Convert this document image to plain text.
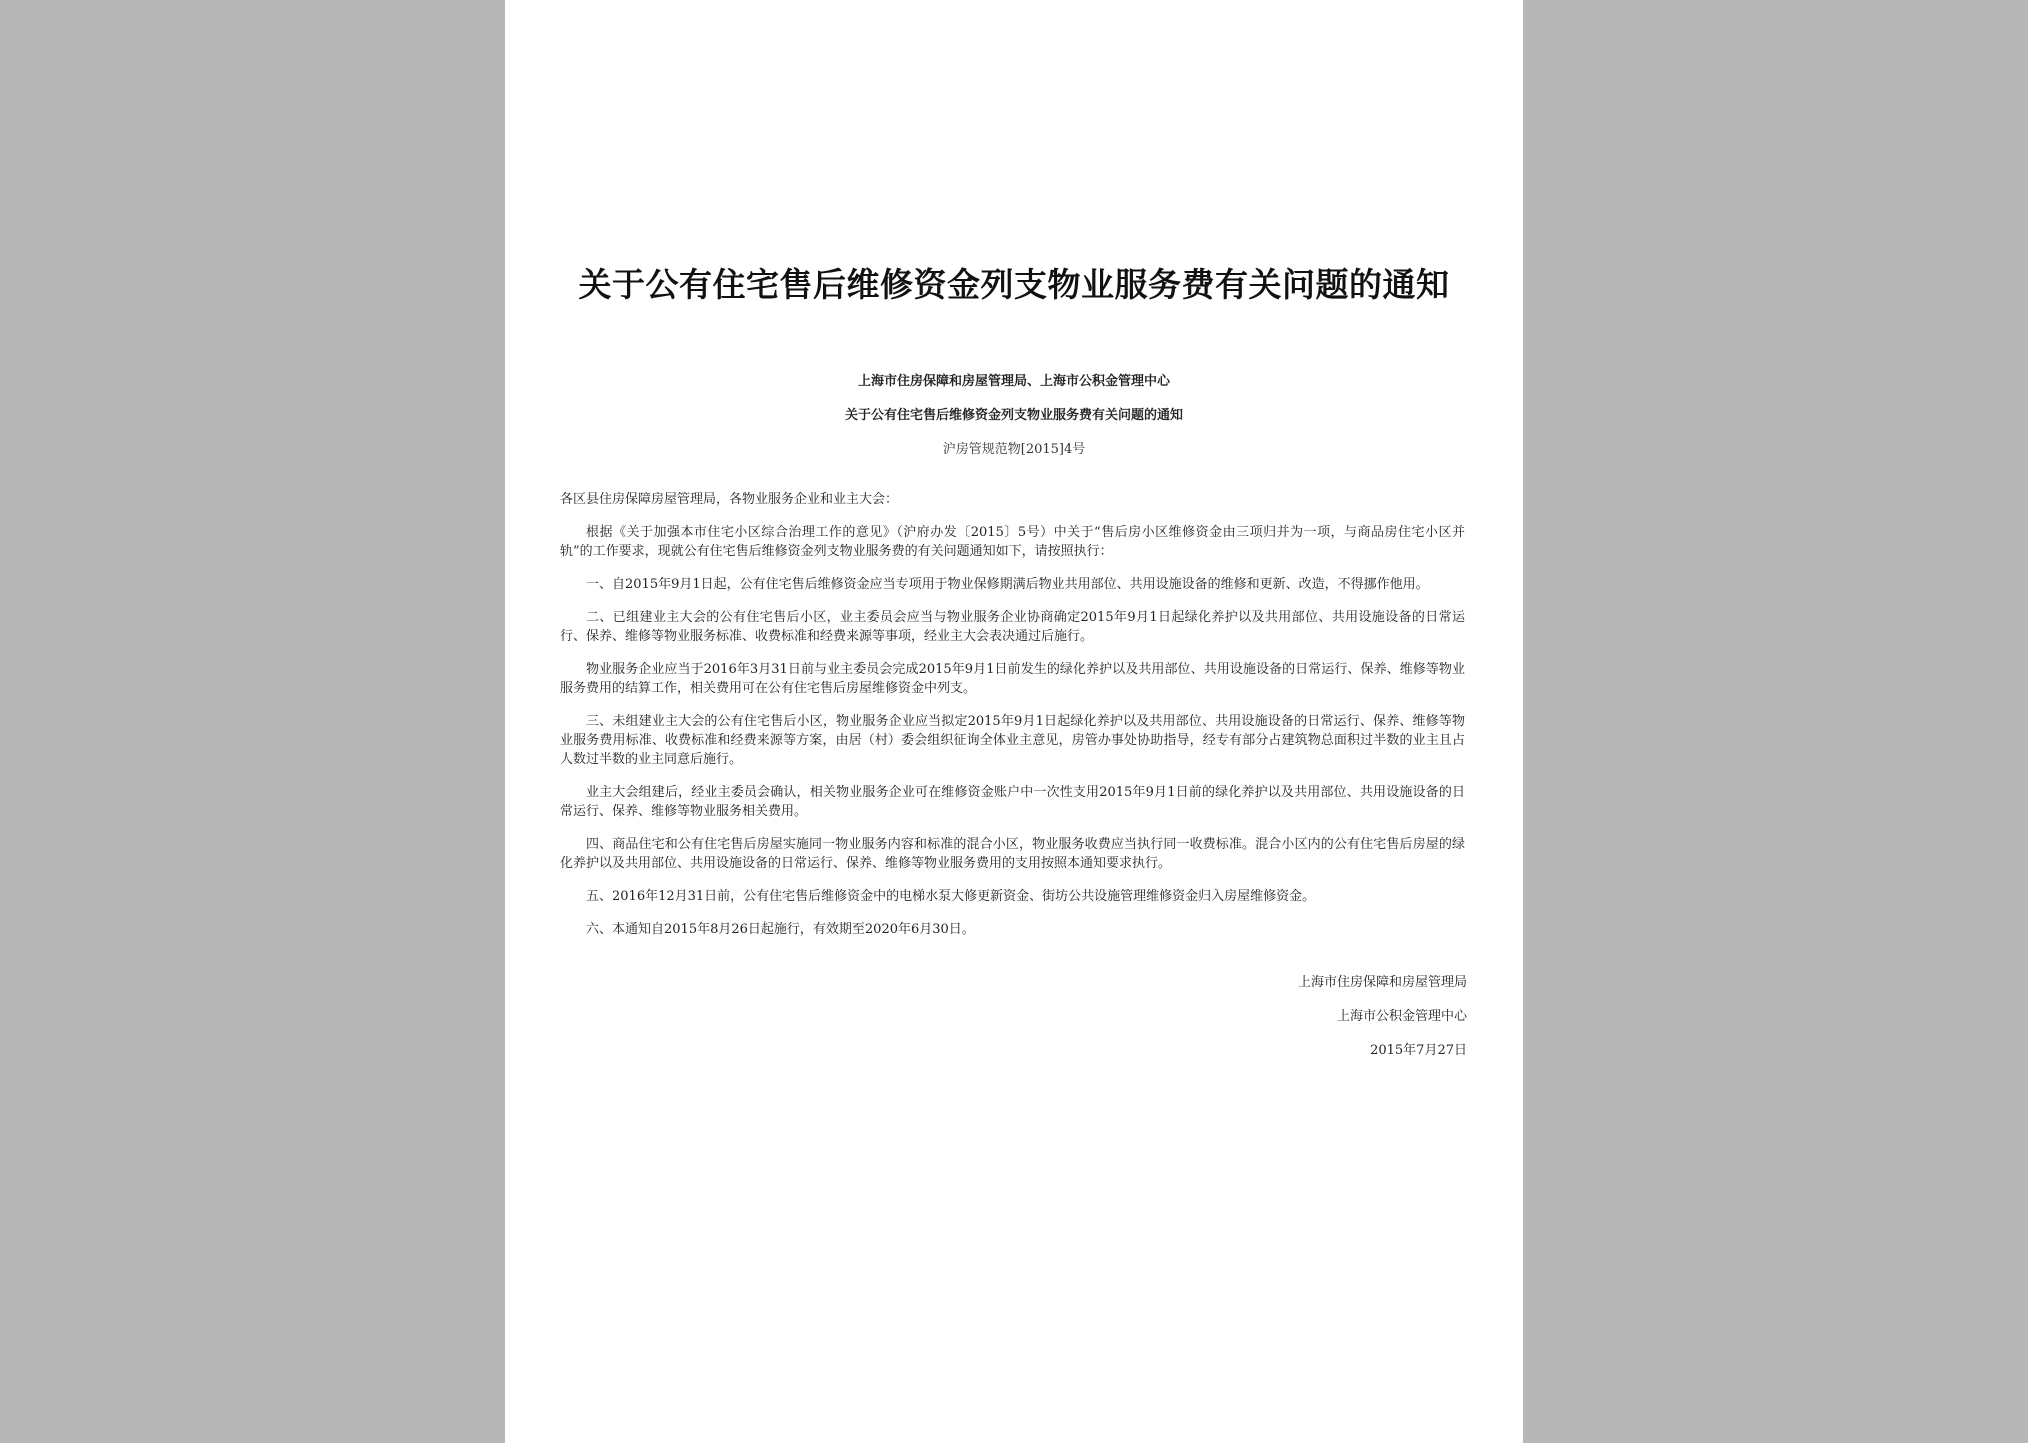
关于公有住宅售后维修资金列支物业服务费有关问题的通知
上海市住房保障和房屋管理局、上海市公积金管理中心
关于公有住宅售后维修资金列支物业服务费有关问题的通知
沪房管规范物[2015]4号

各区县住房保障房屋管理局，各物业服务企业和业主大会：

根据《关于加强本市住宅小区综合治理工作的意见》（沪府办发〔2015〕5号）中关于“售后房小区维修资金由三项归并为一项，与商品房住宅小区并轨”的工作要求，现就公有住宅售后维修资金列支物业服务费的有关问题通知如下，请按照执行：

一、自2015年9月1日起，公有住宅售后维修资金应当专项用于物业保修期满后物业共用部位、共用设施设备的维修和更新、改造，不得挪作他用。

二、已组建业主大会的公有住宅售后小区，业主委员会应当与物业服务企业协商确定2015年9月1日起绿化养护以及共用部位、共用设施设备的日常运行、保养、维修等物业服务标准、收费标准和经费来源等事项，经业主大会表决通过后施行。

物业服务企业应当于2016年3月31日前与业主委员会完成2015年9月1日前发生的绿化养护以及共用部位、共用设施设备的日常运行、保养、维修等物业服务费用的结算工作，相关费用可在公有住宅售后房屋维修资金中列支。

三、未组建业主大会的公有住宅售后小区，物业服务企业应当拟定2015年9月1日起绿化养护以及共用部位、共用设施设备的日常运行、保养、维修等物业服务费用标准、收费标准和经费来源等方案，由居（村）委会组织征询全体业主意见，房管办事处协助指导，经专有部分占建筑物总面积过半数的业主且占人数过半数的业主同意后施行。

业主大会组建后，经业主委员会确认，相关物业服务企业可在维修资金账户中一次性支用2015年9月1日前的绿化养护以及共用部位、共用设施设备的日常运行、保养、维修等物业服务相关费用。

四、商品住宅和公有住宅售后房屋实施同一物业服务内容和标准的混合小区，物业服务收费应当执行同一收费标准。混合小区内的公有住宅售后房屋的绿化养护以及共用部位、共用设施设备的日常运行、保养、维修等物业服务费用的支用按照本通知要求执行。

五、2016年12月31日前，公有住宅售后维修资金中的电梯水泵大修更新资金、街坊公共设施管理维修资金归入房屋维修资金。

六、本通知自2015年8月26日起施行，有效期至2020年6月30日。

上海市住房保障和房屋管理局
上海市公积金管理中心
2015年7月27日
